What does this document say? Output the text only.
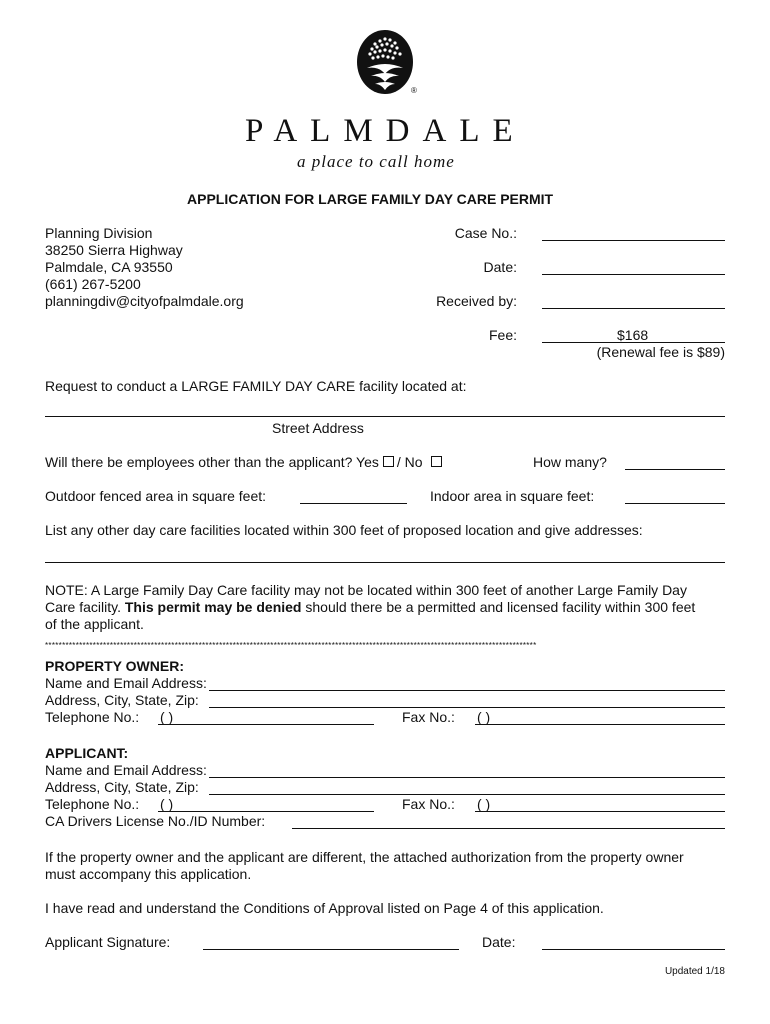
®
PALMDALE
a place to call home
APPLICATION FOR LARGE FAMILY DAY CARE PERMIT
Planning Division
38250 Sierra Highway
Palmdale, CA 93550
(661) 267-5200
planningdiv@cityofpalmdale.org
Case No.:
Date:
Received by:
Fee:	$168
(Renewal fee is $89)
Request to conduct a LARGE FAMILY DAY CARE facility located at:
Street Address
Will there be employees other than the applicant? Yes / No	How many?
Outdoor fenced area in square feet:	Indoor area in square feet:
List any other day care facilities located within 300 feet of proposed location and give addresses:
NOTE: A Large Family Day Care facility may not be located within 300 feet of another Large Family Day
Care facility. This permit may be denied should there be a permitted and licensed facility within 300 feet
of the applicant.
************************************************************************************************************************************************
PROPERTY OWNER:
Name and Email Address:
Address, City, State, Zip:
Telephone No.: ( )	Fax No.: ( )
APPLICANT:
Name and Email Address:
Address, City, State, Zip:
Telephone No.: ( )	Fax No.: ( )
CA Drivers License No./ID Number:
If the property owner and the applicant are different, the attached authorization from the property owner
must accompany this application.
I have read and understand the Conditions of Approval listed on Page 4 of this application.
Applicant Signature:	Date:
Updated 1/18
